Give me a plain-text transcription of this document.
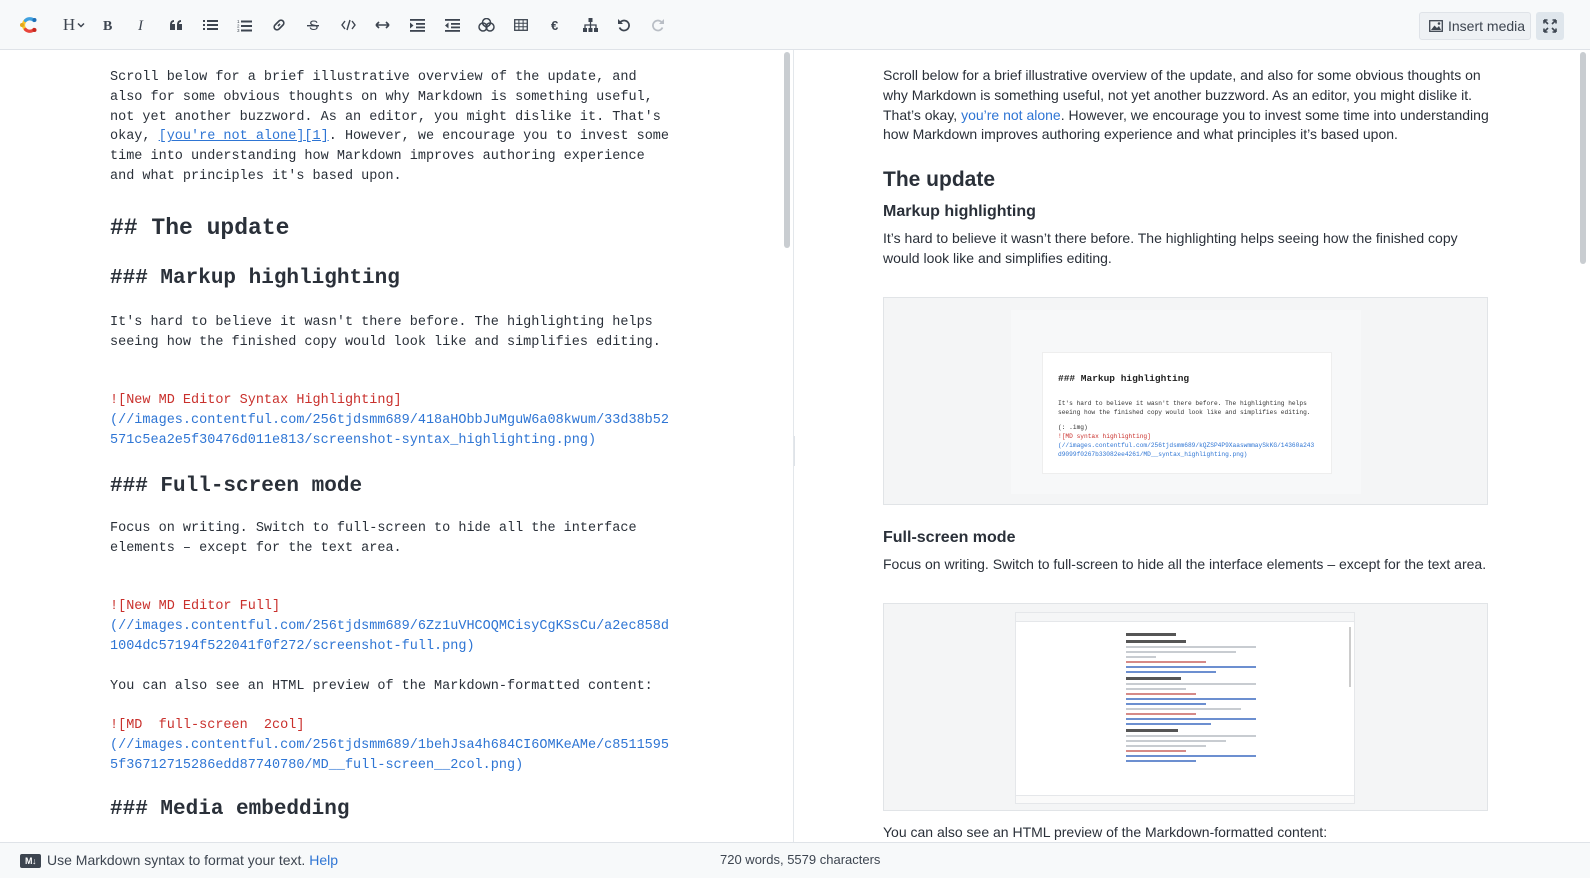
H B I	1
2
3	€	Insert media
Scroll below for a brief illustrative overview of the update, and also for some obvious thoughts on why Markdown is something useful, not yet another buzzword. As an editor, you might dislike it. That's okay, [you're not alone][1]. However, we encourage you to invest some time into understanding how Markdown improves authoring experience and what principles it's based upon.
## The update
### Markup highlighting
It's hard to believe it wasn't there before. The highlighting helps seeing how the finished copy would look like and simplifies editing.
![New MD Editor Syntax Highlighting]
(//images.contentful.com/256tjdsmm689/418aHObbJuMguW6a08kwum/33d38b52571c5ea2e5f30476d011e813/screenshot-syntax_highlighting.png)
### Full-screen mode
Focus on writing. Switch to full-screen to hide all the interface elements – except for the text area.
![New MD Editor Full]
(//images.contentful.com/256tjdsmm689/6Zz1uVHCOQMCisyCgKSsCu/a2ec858d1004dc57194f522041f0f272/screenshot-full.png)
You can also see an HTML preview of the Markdown-formatted content:
![MD  full-screen  2col]
(//images.contentful.com/256tjdsmm689/1behJsa4h684CI6OMKeAMe/c85115955f36712715286edd87740780/MD__full-screen__2col.png)
### Media embedding

Scroll below for a brief illustrative overview of the update, and also for some obvious thoughts on why Markdown is something useful, not yet another buzzword. As an editor, you might dislike it. That’s okay, you’re not alone. However, we encourage you to invest some time into understanding how Markdown improves authoring experience and what principles it’s based upon.

The update
Markup highlighting

It’s hard to believe it wasn’t there before. The highlighting helps seeing how the finished copy would look like and simplifies editing.

### Markup highlighting
It's hard to believe it wasn't there before. The highlighting helps seeing how the finished copy would look like and simplifies editing.
(: .img)
![MD syntax highlighting]
(//images.contentful.com/256tjdsmm689/kQZSP4P9XaaswmmaySkKG/14360a243d9099f0267b33082ee4261/MD__syntax_highlighting.png)
Full-screen mode

Focus on writing. Switch to full-screen to hide all the interface elements – except for the text area.

You can also see an HTML preview of the Markdown-formatted content:

M↓ Use Markdown syntax to format your text. Help	720 words, 5579 characters
